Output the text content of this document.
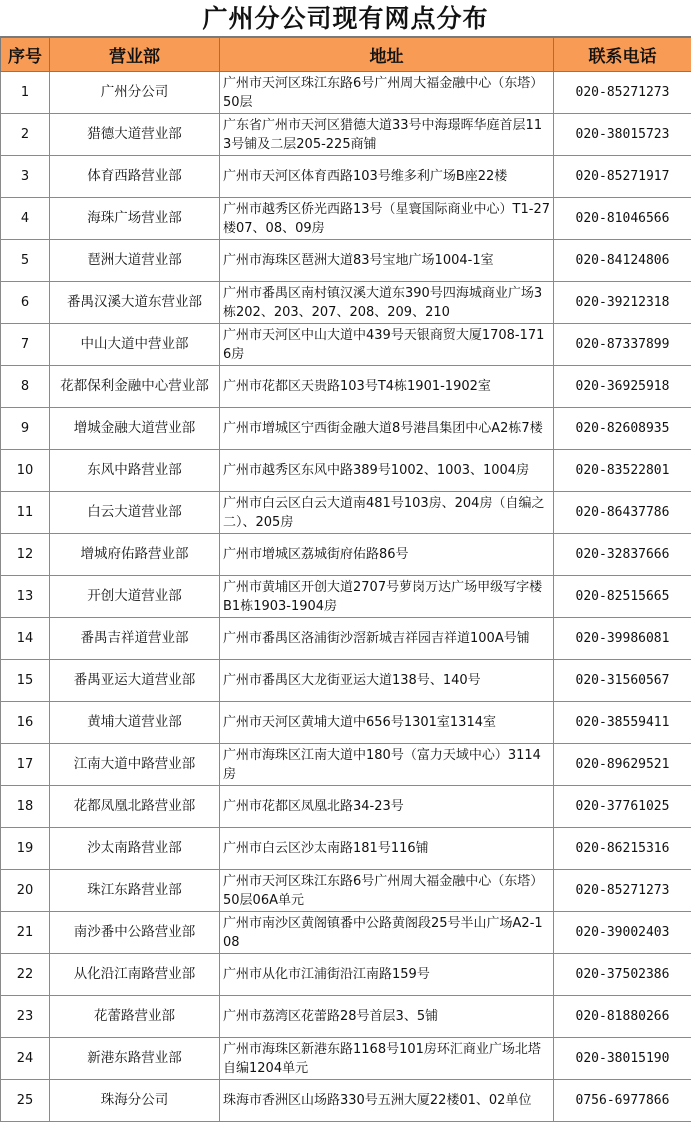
广州分公司现有网点分布
序号	营业部	地址	联系电话
1	广州分公司	广州市天河区珠江东路6号广州周大福金融中心（东塔）50层	020-85271273
2	猎德大道营业部	广东省广州市天河区猎德大道33号中海璟晖华庭首层113号铺及二层205-225商铺	020-38015723
3	体育西路营业部	广州市天河区体育西路103号维多利广场B座22楼	020-85271917
4	海珠广场营业部	广州市越秀区侨光西路13号（星寰国际商业中心）T1-27楼07、08、09房	020-81046566
5	琶洲大道营业部	广州市海珠区琶洲大道83号宝地广场1004-1室	020-84124806
6	番禺汉溪大道东营业部	广州市番禺区南村镇汉溪大道东390号四海城商业广场3栋202、203、207、208、209、210	020-39212318
7	中山大道中营业部	广州市天河区中山大道中439号天银商贸大厦1708-1716房	020-87337899
8	花都保利金融中心营业部	广州市花都区天贵路103号T4栋1901-1902室	020-36925918
9	增城金融大道营业部	广州市增城区宁西街金融大道8号港昌集团中心A2栋7楼	020-82608935
10	东风中路营业部	广州市越秀区东风中路389号1002、1003、1004房	020-83522801
11	白云大道营业部	广州市白云区白云大道南481号103房、204房（自编之二）、205房	020-86437786
12	增城府佑路营业部	广州市增城区荔城街府佑路86号	020-32837666
13	开创大道营业部	广州市黄埔区开创大道2707号萝岗万达广场甲级写字楼B1栋1903-1904房	020-82515665
14	番禺吉祥道营业部	广州市番禺区洛浦街沙滘新城吉祥园吉祥道100A号铺	020-39986081
15	番禺亚运大道营业部	广州市番禺区大龙街亚运大道138号、140号	020-31560567
16	黄埔大道营业部	广州市天河区黄埔大道中656号1301室1314室	020-38559411
17	江南大道中路营业部	广州市海珠区江南大道中180号（富力天域中心）3114房	020-89629521
18	花都凤凰北路营业部	广州市花都区凤凰北路34-23号	020-37761025
19	沙太南路营业部	广州市白云区沙太南路181号116铺	020-86215316
20	珠江东路营业部	广州市天河区珠江东路6号广州周大福金融中心（东塔）50层06A单元	020-85271273
21	南沙番中公路营业部	广州市南沙区黄阁镇番中公路黄阁段25号半山广场A2-108	020-39002403
22	从化沿江南路营业部	广州市从化市江浦街沿江南路159号	020-37502386
23	花蕾路营业部	广州市荔湾区花蕾路28号首层3、5铺	020-81880266
24	新港东路营业部	广州市海珠区新港东路1168号101房环汇商业广场北塔自编1204单元	020-38015190
25	珠海分公司	珠海市香洲区山场路330号五洲大厦22楼01、02单位	0756-6977866
